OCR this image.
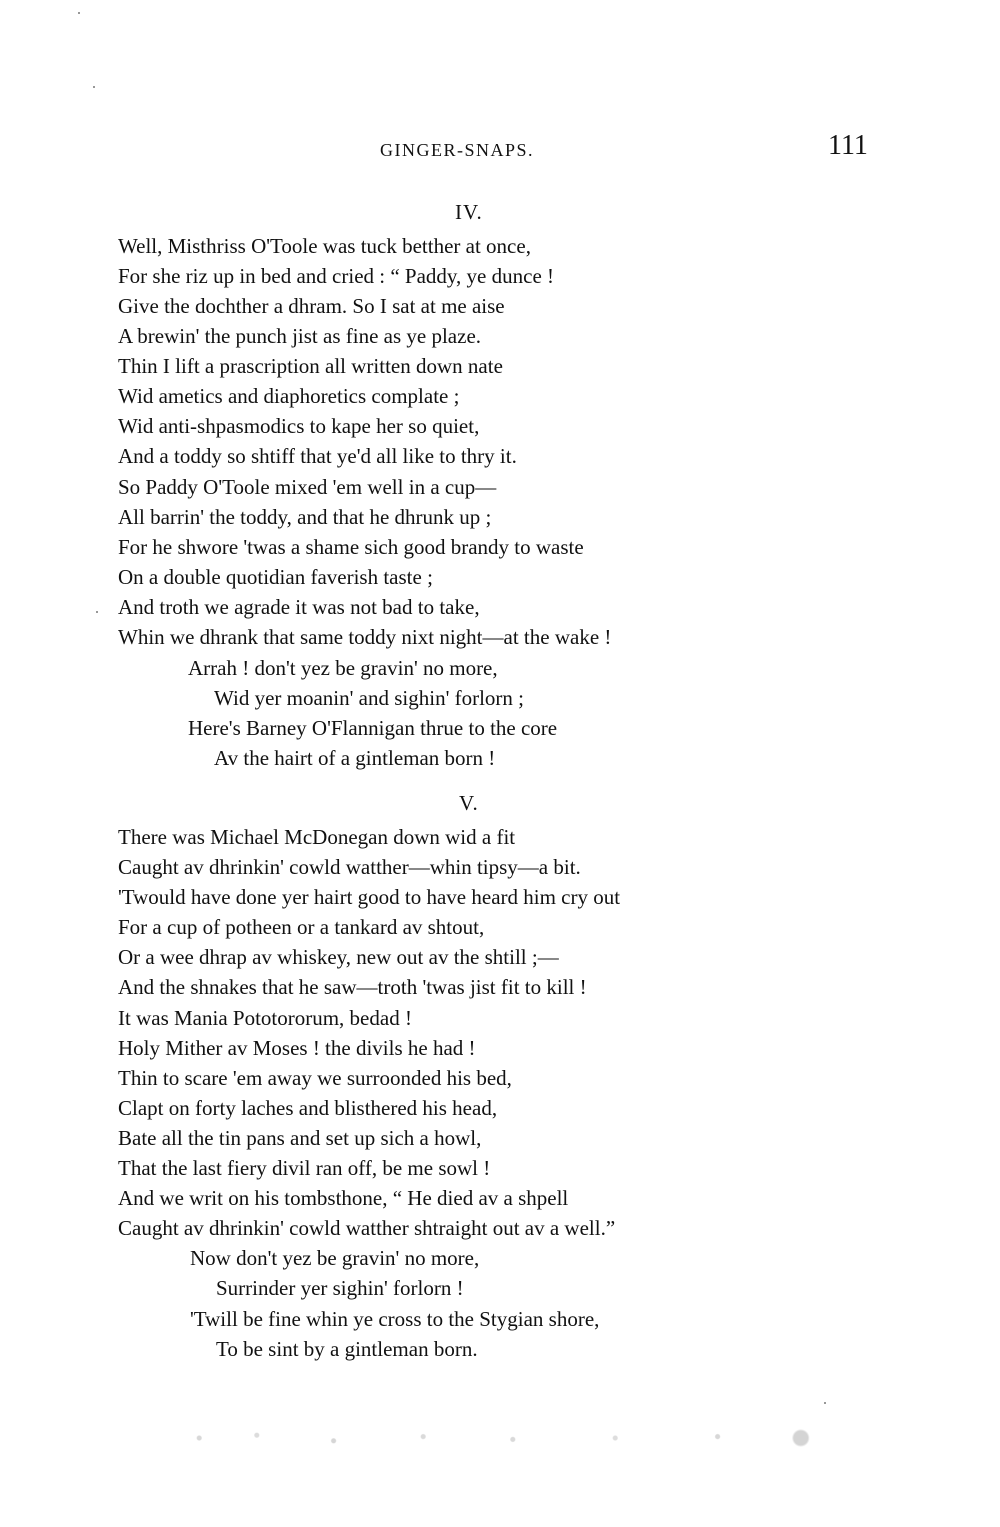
GINGER-SNAPS.	111
IV.
Well, Misthriss O'Toole was tuck betther at once,
For she riz up in bed and cried : “ Paddy, ye dunce !
Give the dochther a dhram. So I sat at me aise
A brewin' the punch jist as fine as ye plaze.
Thin I lift a prascription all written down nate
Wid ametics and diaphoretics complate ;
Wid anti-shpasmodics to kape her so quiet,
And a toddy so shtiff that ye'd all like to thry it.
So Paddy O'Toole mixed 'em well in a cup—
All barrin' the toddy, and that he dhrunk up ;
For he shwore 'twas a shame sich good brandy to waste
On a double quotidian faverish taste ;
And troth we agrade it was not bad to take,
Whin we dhrank that same toddy nixt night—at the wake !
Arrah ! don't yez be gravin' no more,
Wid yer moanin' and sighin' forlorn ;
Here's Barney O'Flannigan thrue to the core
Av the hairt of a gintleman born !
V.
There was Michael McDonegan down wid a fit
Caught av dhrinkin' cowld watther—whin tipsy—a bit.
'Twould have done yer hairt good to have heard him cry out
For a cup of potheen or a tankard av shtout,
Or a wee dhrap av whiskey, new out av the shtill ;—
And the shnakes that he saw—troth 'twas jist fit to kill !
It was Mania Pototororum, bedad !
Holy Mither av Moses ! the divils he had !
Thin to scare 'em away we surroonded his bed,
Clapt on forty laches and blisthered his head,
Bate all the tin pans and set up sich a howl,
That the last fiery divil ran off, be me sowl !
And we writ on his tombsthone, “ He died av a shpell
Caught av dhrinkin' cowld watther shtraight out av a well.”
Now don't yez be gravin' no more,
Surrinder yer sighin' forlorn !
'Twill be fine whin ye cross to the Stygian shore,
To be sint by a gintleman born.
